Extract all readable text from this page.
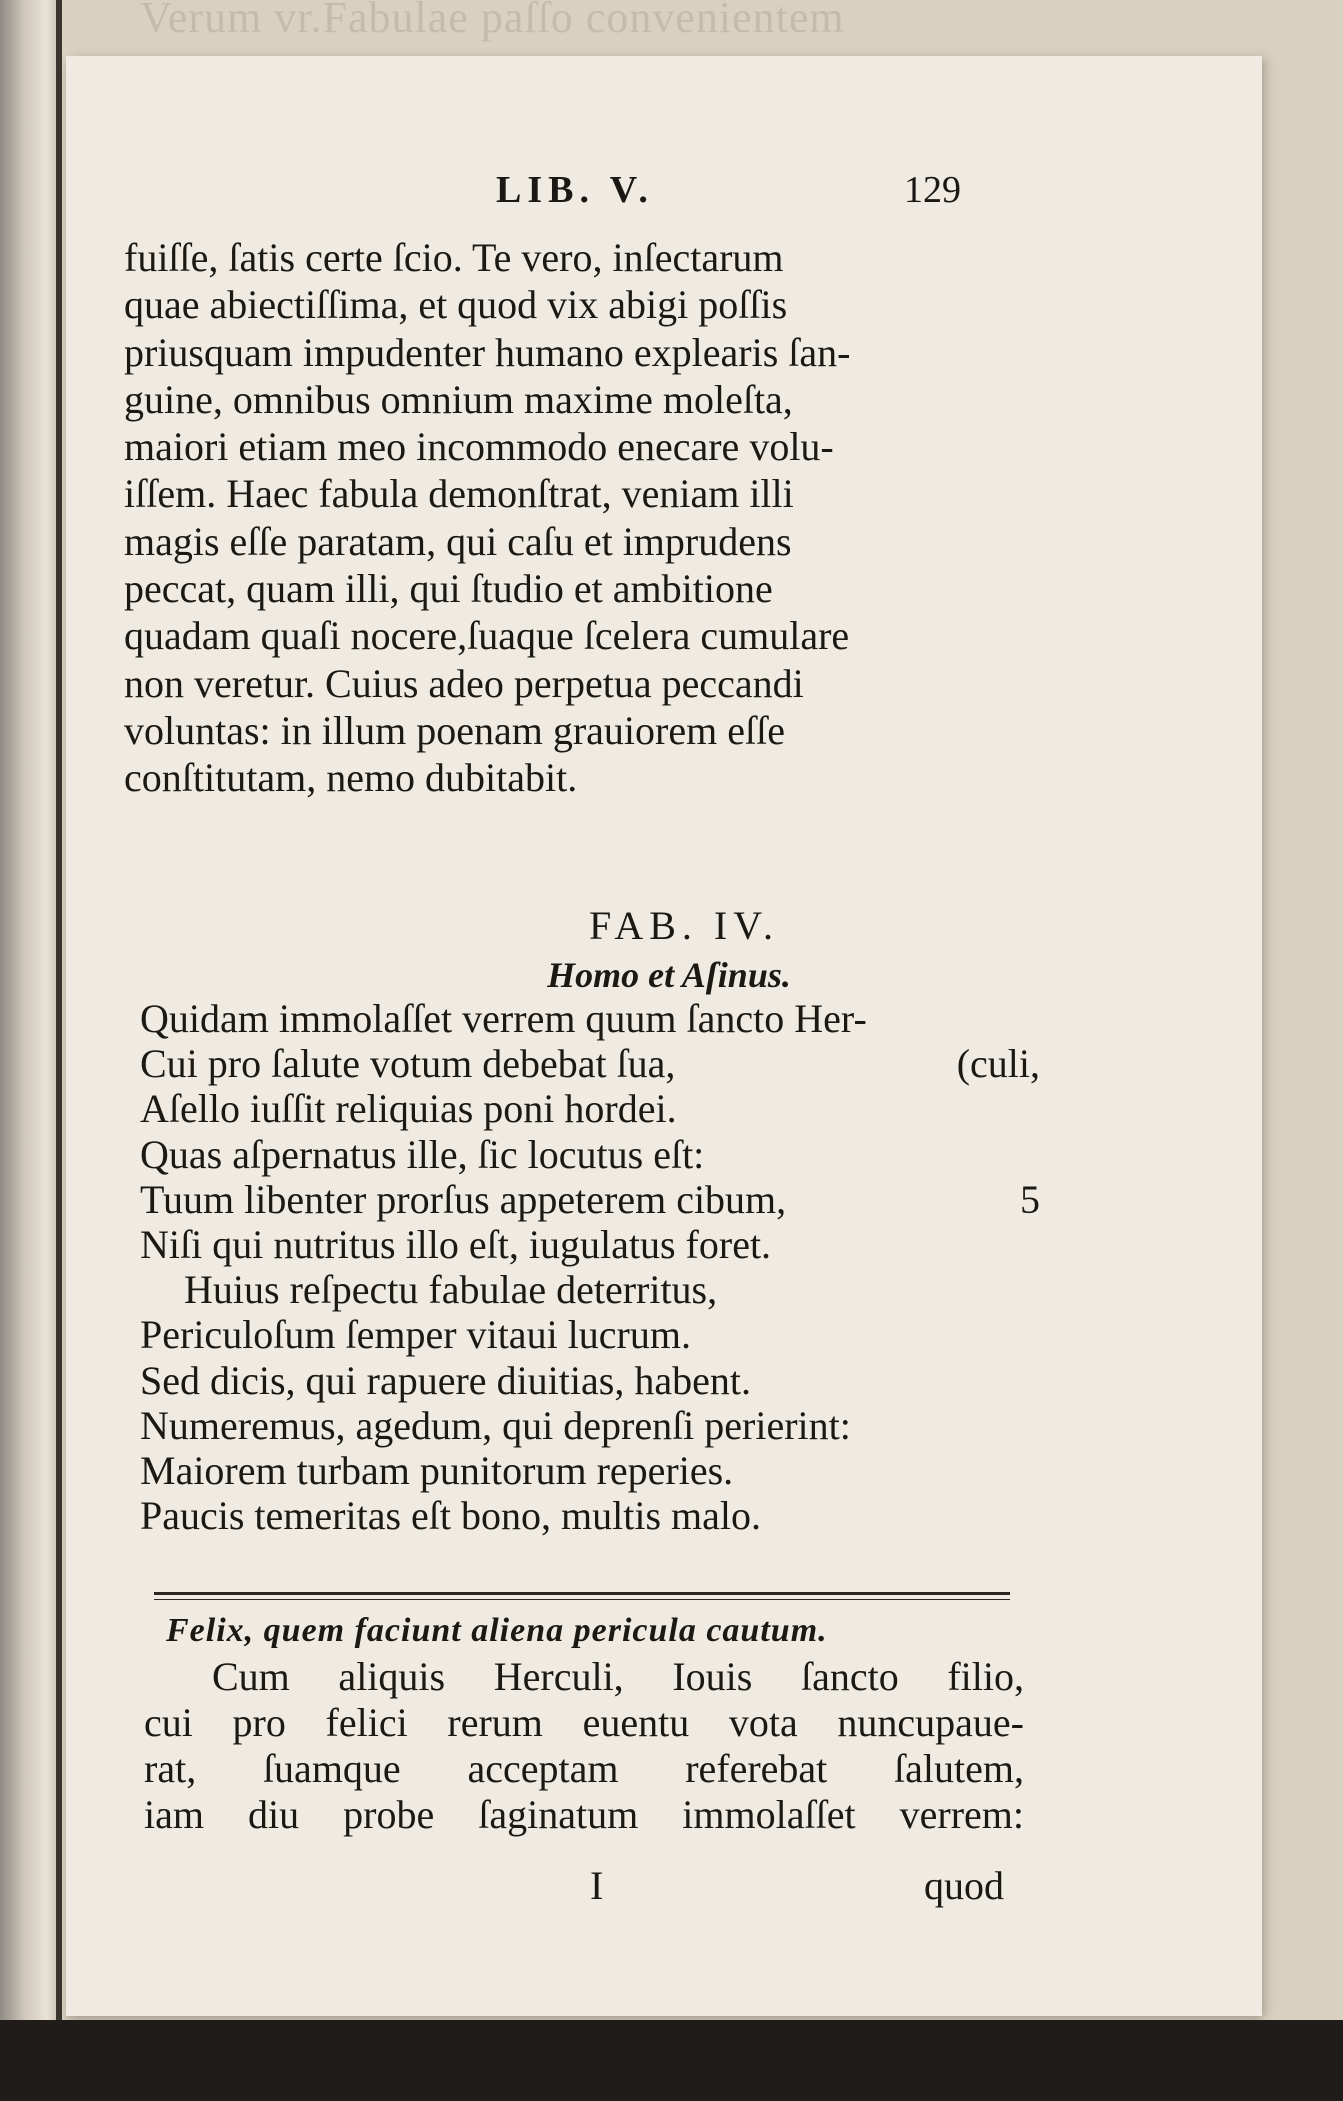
Verum vr.Fabulae paſſo convenientem
LIB. V.	129
fuiſſe, ſatis certe ſcio. Te vero, inſectarum
quae abiectiſſima, et quod vix abigi poſſis
priusquam impudenter humano explearis ſan-
guine, omnibus omnium maxime moleſta,
maiori etiam meo incommodo enecare volu-
iſſem. Haec fabula demonſtrat, veniam illi
magis eſſe paratam, qui caſu et imprudens
peccat, quam illi, qui ſtudio et ambitione
quadam quaſi nocere,ſuaque ſcelera cumulare
non veretur. Cuius adeo perpetua peccandi
voluntas: in illum poenam grauiorem eſſe
conſtitutam, nemo dubitabit.
FAB. IV.
Homo et Aſinus.
Quidam immolaſſet verrem quum ſancto Her-
Cui pro ſalute votum debebat ſua,	(culi,
Aſello iuſſit reliquias poni hordei.
Quas aſpernatus ille, ſic locutus eſt:
Tuum libenter prorſus appeterem cibum,	5
Niſi qui nutritus illo eſt, iugulatus foret.
Huius reſpectu fabulae deterritus,
Periculoſum ſemper vitaui lucrum.
Sed dicis, qui rapuere diuitias, habent.
Numeremus, agedum, qui deprenſi perierint:
Maiorem turbam punitorum reperies.
Paucis temeritas eſt bono, multis malo.
Felix, quem faciunt aliena pericula cautum.
Cum aliquis Herculi, Iouis ſancto filio,
cui pro felici rerum euentu vota nuncupaue-
rat, ſuamque acceptam referebat ſalutem,
iam diu probe ſaginatum immolaſſet verrem:
I	quod
